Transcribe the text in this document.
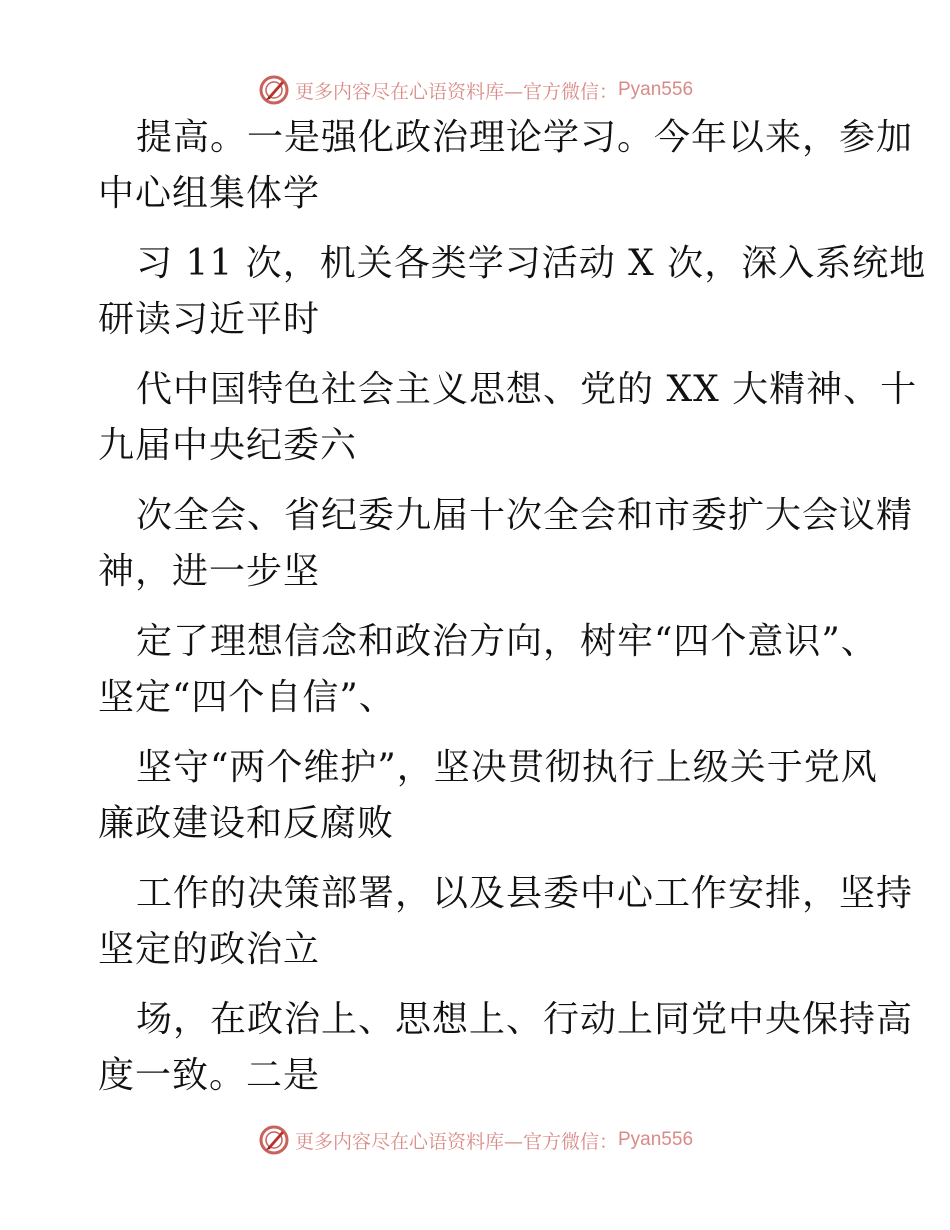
更多内容尽在心语资料库—官方微信： Pyan556

提高。一是强化政治理论学习。今年以来，参加

中心组集体学

习 11 次，机关各类学习活动 X 次，深入系统地

研读习近平时

代中国特色社会主义思想、党的 XX 大精神、十

九届中央纪委六

次全会、省纪委九届十次全会和市委扩大会议精

神，进一步坚

定了理想信念和政治方向，树牢“四个意识”、

坚定“四个自信”、

坚守“两个维护”，坚决贯彻执行上级关于党风

廉政建设和反腐败

工作的决策部署，以及县委中心工作安排，坚持

坚定的政治立

场，在政治上、思想上、行动上同党中央保持高

度一致。二是

更多内容尽在心语资料库—官方微信： Pyan556
